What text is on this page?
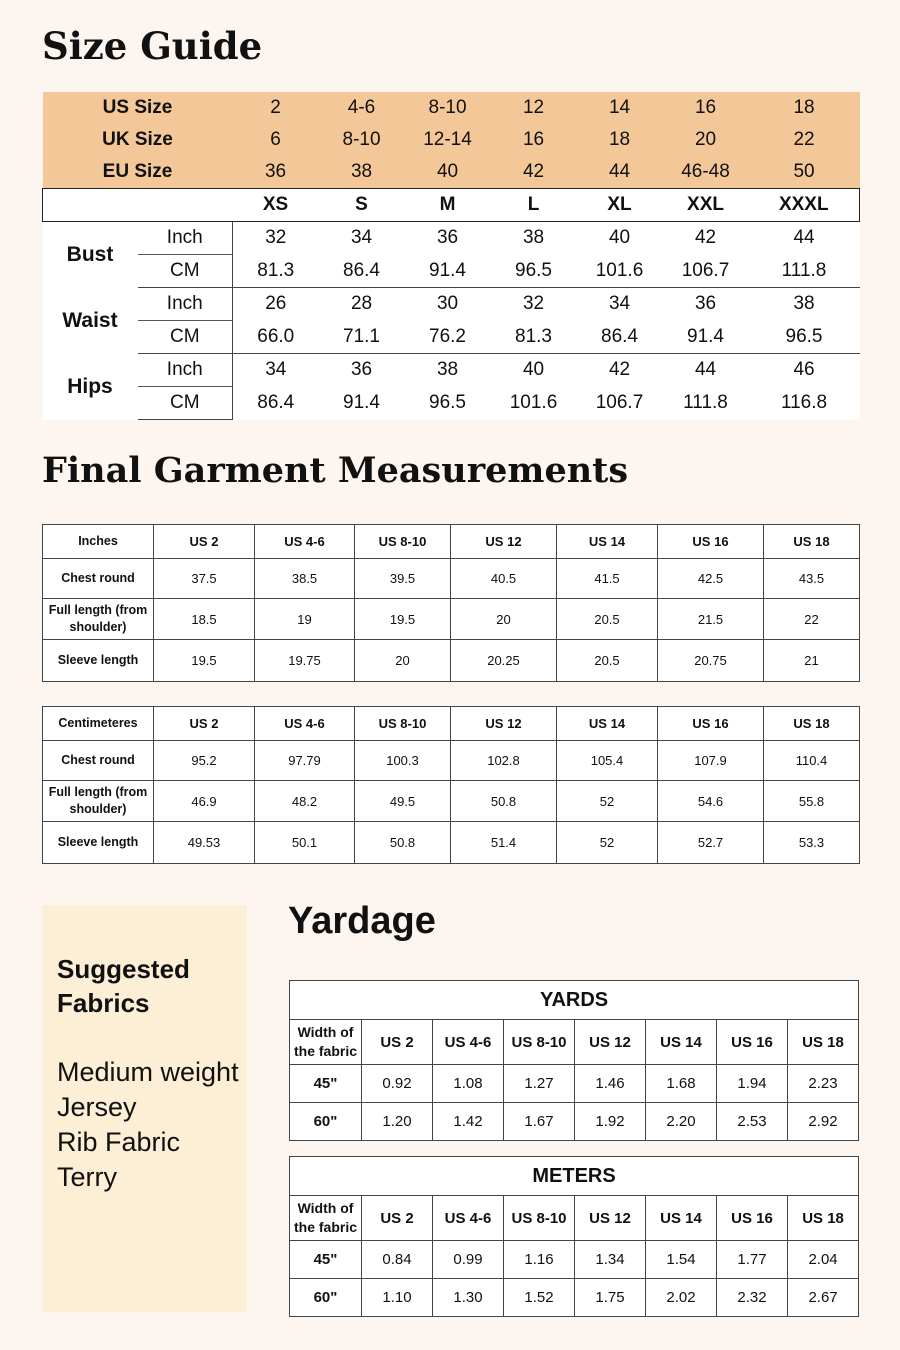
Size Guide
US Size		2	4-6	8-10	12	14	16	18
UK Size		6	8-10	12-14	16	18	20	22
EU Size		36	38	40	42	44	46-48	50
		XS	S	M	L	XL	XXL	XXXL
Bust	Inch	32	34	36	38	40	42	44
	CM	81.3	86.4	91.4	96.5	101.6	106.7	111.8
Waist	Inch	26	28	30	32	34	36	38
	CM	66.0	71.1	76.2	81.3	86.4	91.4	96.5
Hips	Inch	34	36	38	40	42	44	46
	CM	86.4	91.4	96.5	101.6	106.7	111.8	116.8
Final Garment Measurements
Inches	US 2	US 4-6	US 8-10	US 12	US 14	US 16	US 18
Chest round	37.5	38.5	39.5	40.5	41.5	42.5	43.5
Full length (from shoulder)	18.5	19	19.5	20	20.5	21.5	22
Sleeve length	19.5	19.75	20	20.25	20.5	20.75	21
Centimeteres	US 2	US 4-6	US 8-10	US 12	US 14	US 16	US 18
Chest round	95.2	97.79	100.3	102.8	105.4	107.9	110.4
Full length (from shoulder)	46.9	48.2	49.5	50.8	52	54.6	55.8
Sleeve length	49.53	50.1	50.8	51.4	52	52.7	53.3
Suggested Fabrics
Medium weight Jersey
Rib Fabric
Terry
Yardage
YARDS							
Width of the fabric	US 2	US 4-6	US 8-10	US 12	US 14	US 16	US 18
45"	0.92	1.08	1.27	1.46	1.68	1.94	2.23
60"	1.20	1.42	1.67	1.92	2.20	2.53	2.92
METERS							
Width of the fabric	US 2	US 4-6	US 8-10	US 12	US 14	US 16	US 18
45"	0.84	0.99	1.16	1.34	1.54	1.77	2.04
60"	1.10	1.30	1.52	1.75	2.02	2.32	2.67
